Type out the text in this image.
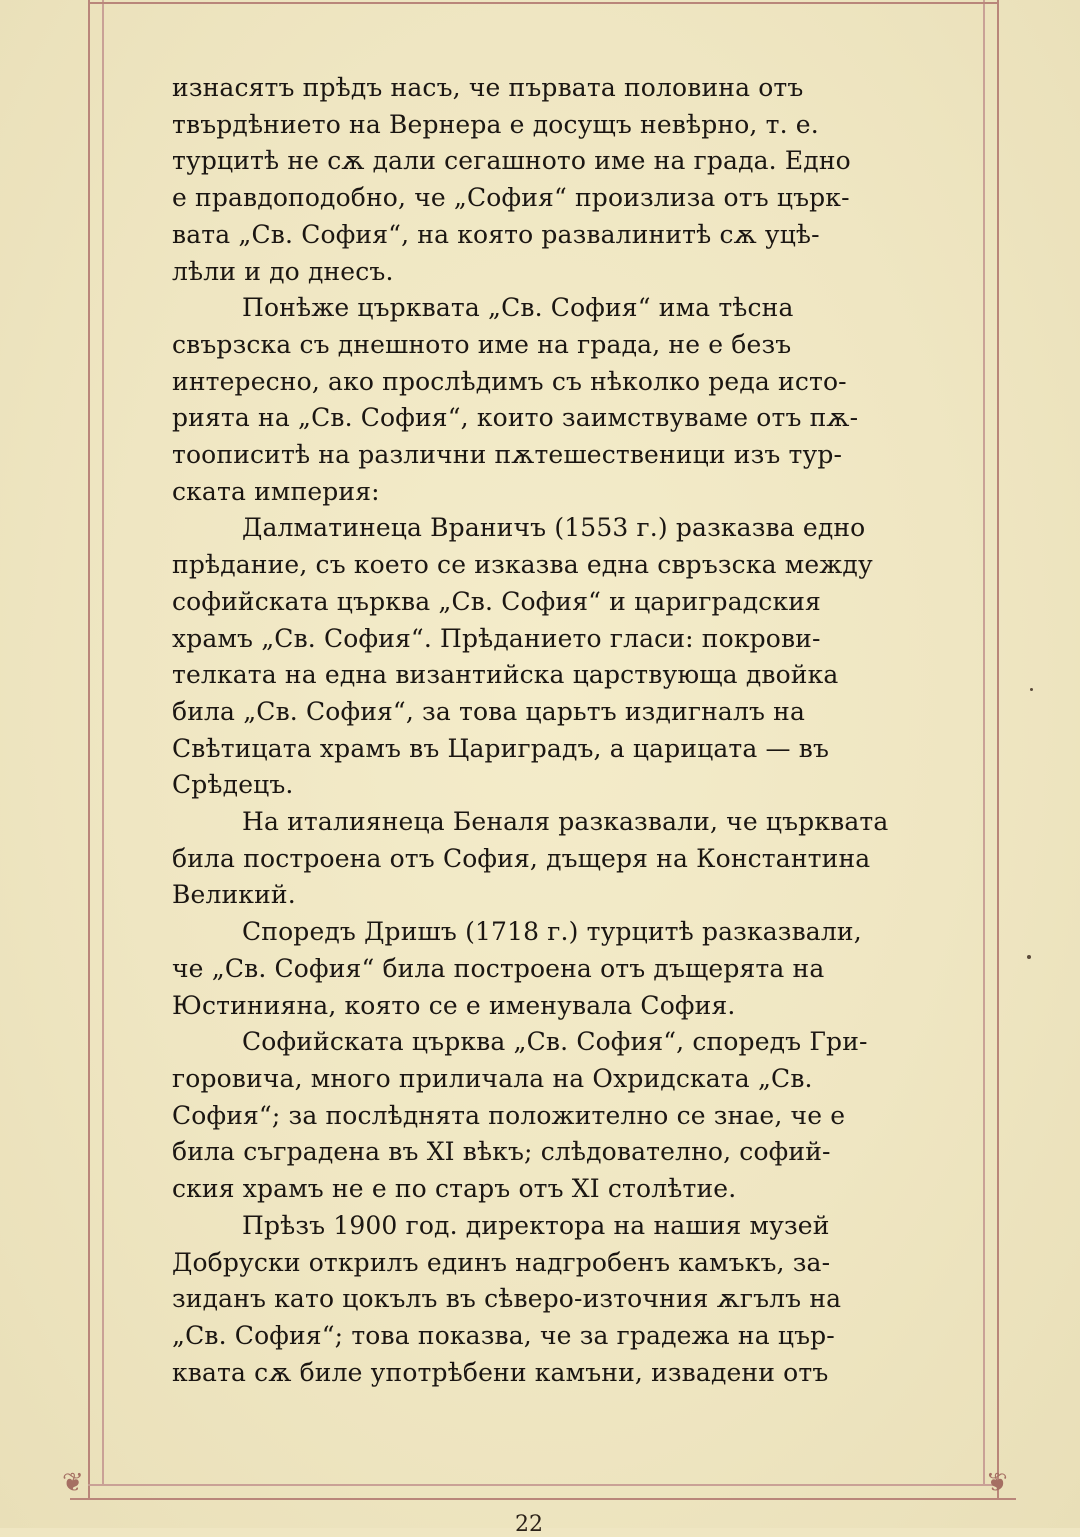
❦	❦
изнасятъ прѣдъ насъ, че първата половина отъ
твърдѣнието на Вернера е досущъ невѣрно, т. е.
турцитѣ не сѫ дали сегашното име на града. Едно
е правдоподобно, че „София“ произлиза отъ църк-
вата „Св. София“, на която развалинитѣ сѫ уцѣ-
лѣли и до днесъ.
Понѣже църквата „Св. София“ има тѣсна
свързска съ днешното име на града, не е безъ
интересно, ако прослѣдимъ съ нѣколко реда исто-
рията на „Св. София“, които заимствуваме отъ пѫ-
тоописитѣ на различни пѫтешественици изъ тур-
ската империя:
Далматинеца Враничъ (1553 г.) разказва едно
прѣдание, съ което се изказва една свръзска между
софийската църква „Св. София“ и цариградския
храмъ „Св. София“. Прѣданието гласи: покрови-
телката на една византийска царствующа двойка
била „Св. София“, за това царьтъ издигналъ на
Свѣтицата храмъ въ Цариградъ, а царицата — въ
Срѣдецъ.
На италиянеца Беналя разказвали, че църквата
била построена отъ София, дъщеря на Константина
Великий.
Споредъ Дришъ (1718 г.) турцитѣ разказвали,
че „Св. София“ била построена отъ дъщерята на
Юстинияна, която се е именувала София.
Софийската църква „Св. София“, споредъ Гри-
горовича, много приличала на Охридската „Св.
София“; за послѣднята положително се знае, че е
била съградена въ XI вѣкъ; слѣдователно, софий-
ския храмъ не е по старъ отъ XI столѣтие.
Прѣзъ 1900 год. директора на нашия музей
Добруски открилъ единъ надгробенъ камъкъ, за-
зиданъ като цокълъ въ сѣверо-източния ѫгълъ на
„Св. София“; това показва, че за градежа на цър-
квата сѫ биле употрѣбени камъни, извадени отъ
22
